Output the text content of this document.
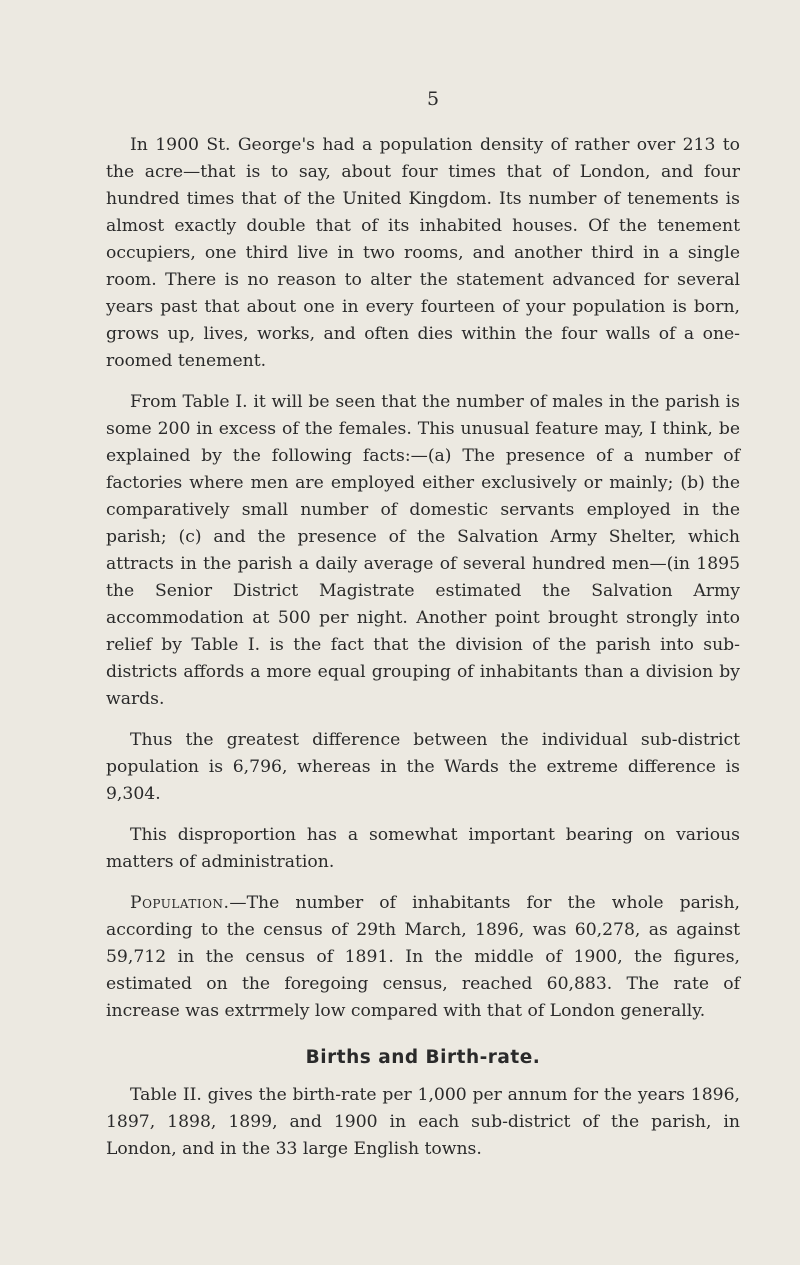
5

In 1900 St. George's had a population density of rather over 213 to the acre—that is to say, about four times that of London, and four hundred times that of the United Kingdom. Its number of tenements is almost exactly double that of its inhabited houses. Of the tenement occupiers, one third live in two rooms, and another third in a single room. There is no reason to alter the statement advanced for several years past that about one in every fourteen of your population is born, grows up, lives, works, and often dies within the four walls of a one-roomed tenement.

From Table I. it will be seen that the number of males in the parish is some 200 in excess of the females. This unusual feature may, I think, be explained by the following facts:—(a) The presence of a number of factories where men are employed either exclusively or mainly; (b) the comparatively small number of domestic servants employed in the parish; (c) and the presence of the Salvation Army Shelter, which attracts in the parish a daily average of several hundred men—(in 1895 the Senior District Magistrate estimated the Salvation Army accommodation at 500 per night. Another point brought strongly into relief by Table I. is the fact that the division of the parish into sub-districts affords a more equal grouping of inhabitants than a division by wards.

Thus the greatest difference between the individual sub-district population is 6,796, whereas in the Wards the extreme difference is 9,304.

This disproportion has a somewhat important bearing on various matters of administration.

Population.—The number of inhabitants for the whole parish, according to the census of 29th March, 1896, was 60,278, as against 59,712 in the census of 1891. In the middle of 1900, the figures, estimated on the foregoing census, reached 60,883. The rate of increase was extrrmely low compared with that of London generally.

Births and Birth-rate.

Table II. gives the birth-rate per 1,000 per annum for the years 1896, 1897, 1898, 1899, and 1900 in each sub-district of the parish, in London, and in the 33 large English towns.
